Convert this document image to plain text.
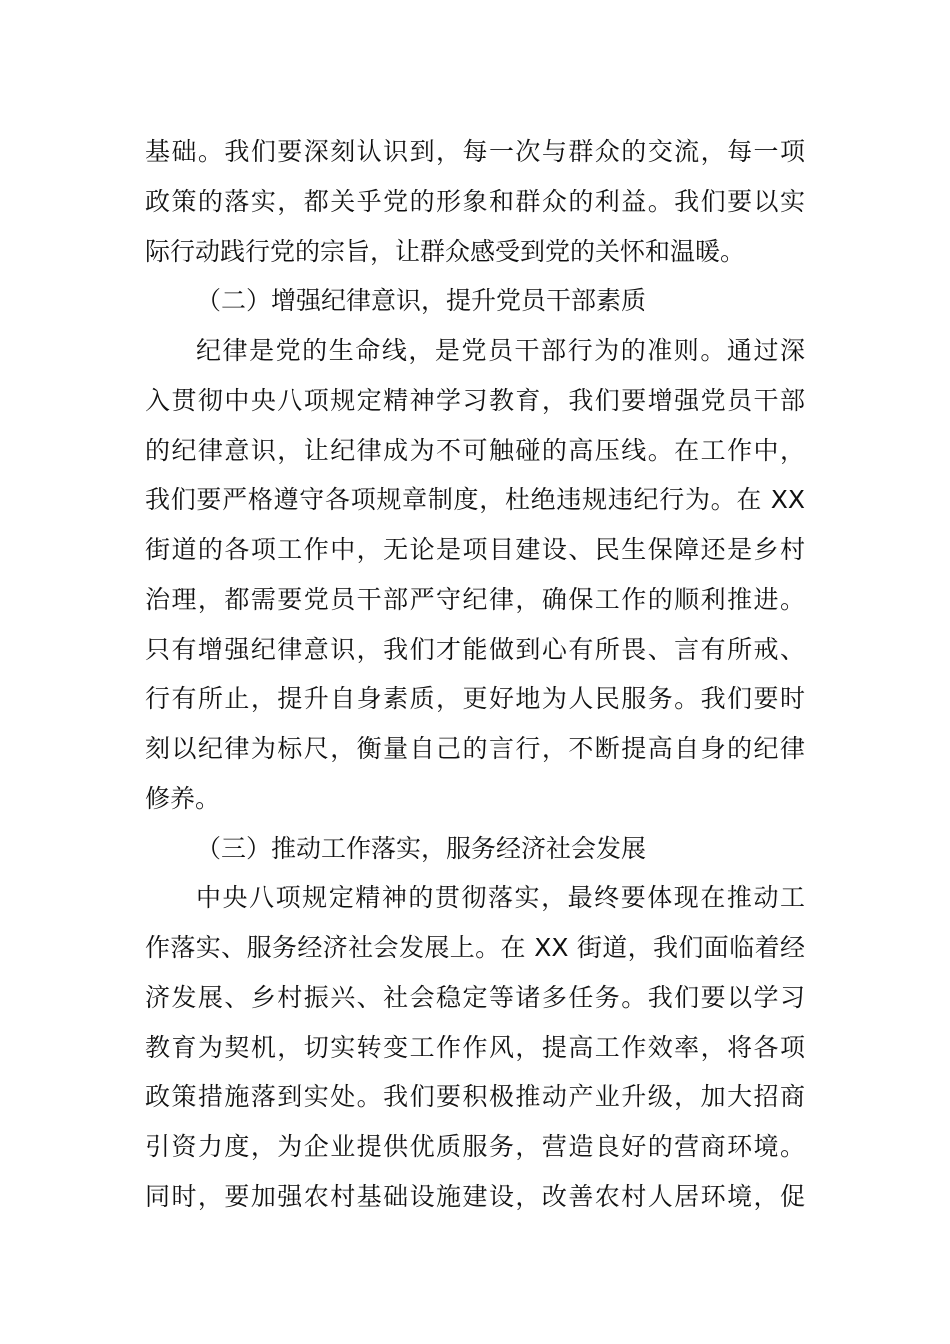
基础。我们要深刻认识到，每一次与群众的交流，每一项
政策的落实，都关乎党的形象和群众的利益。我们要以实
际行动践行党的宗旨，让群众感受到党的关怀和温暖。
（二）增强纪律意识，提升党员干部素质
纪律是党的生命线，是党员干部行为的准则。通过深
入贯彻中央八项规定精神学习教育，我们要增强党员干部
的纪律意识，让纪律成为不可触碰的高压线。在工作中，
我们要严格遵守各项规章制度，杜绝违规违纪行为。在 XX
街道的各项工作中，无论是项目建设、民生保障还是乡村
治理，都需要党员干部严守纪律，确保工作的顺利推进。
只有增强纪律意识，我们才能做到心有所畏、言有所戒、
行有所止，提升自身素质，更好地为人民服务。我们要时
刻以纪律为标尺，衡量自己的言行，不断提高自身的纪律
修养。
（三）推动工作落实，服务经济社会发展
中央八项规定精神的贯彻落实，最终要体现在推动工
作落实、服务经济社会发展上。在 XX 街道，我们面临着经
济发展、乡村振兴、社会稳定等诸多任务。我们要以学习
教育为契机，切实转变工作作风，提高工作效率，将各项
政策措施落到实处。我们要积极推动产业升级，加大招商
引资力度，为企业提供优质服务，营造良好的营商环境。
同时，要加强农村基础设施建设，改善农村人居环境，促
